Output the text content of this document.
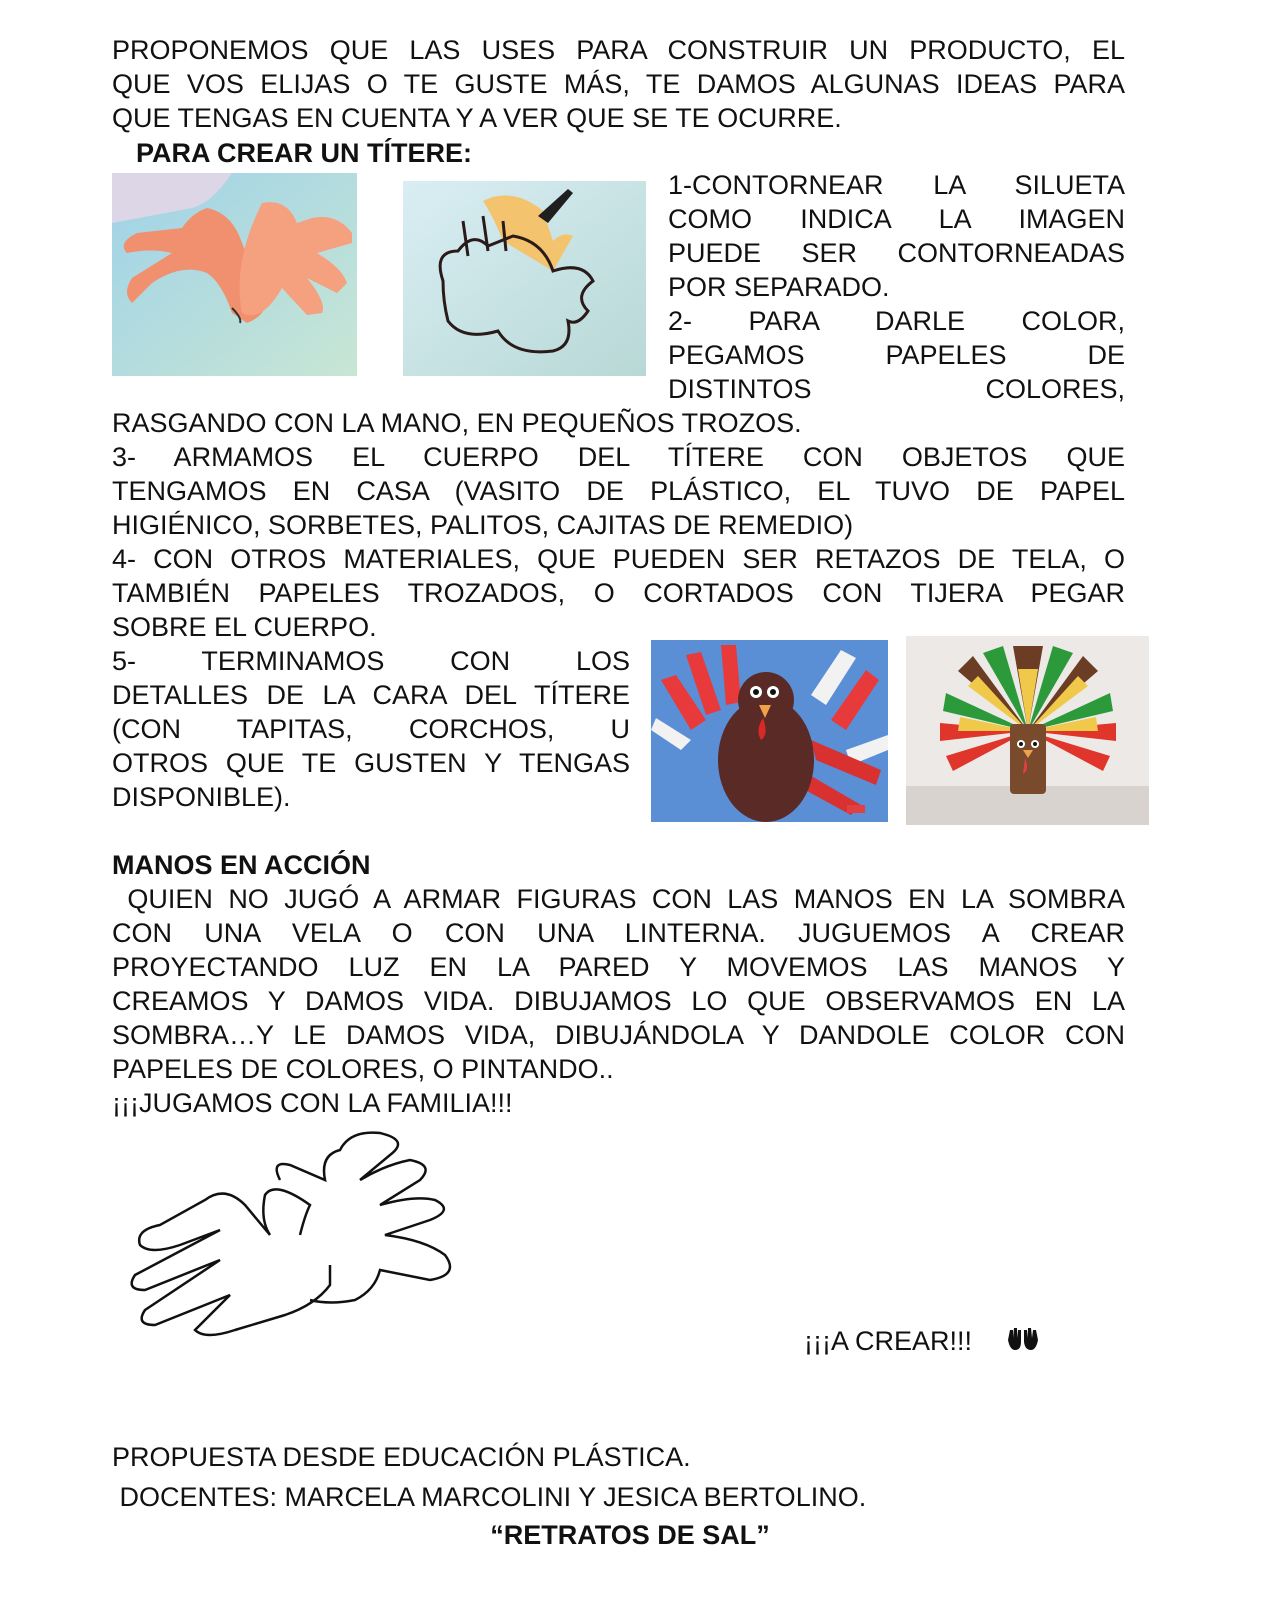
PROPONEMOS QUE LAS USES PARA CONSTRUIR UN PRODUCTO, EL

QUE VOS ELIJAS O TE GUSTE MÁS, TE DAMOS ALGUNAS IDEAS PARA

QUE TENGAS EN CUENTA Y A VER QUE SE TE OCURRE.

PARA CREAR UN TÍTERE:

1-CONTORNEAR LA SILUETA

COMO INDICA LA IMAGEN

PUEDE SER CONTORNEADAS

POR SEPARADO.

2- PARA DARLE COLOR,

PEGAMOS PAPELES DE

DISTINTOS COLORES,

RASGANDO CON LA MANO, EN PEQUEÑOS TROZOS.

3- ARMAMOS EL CUERPO DEL TÍTERE CON OBJETOS QUE

TENGAMOS EN CASA (VASITO DE PLÁSTICO, EL TUVO DE PAPEL

HIGIÉNICO, SORBETES, PALITOS, CAJITAS DE REMEDIO)

4- CON OTROS MATERIALES, QUE PUEDEN SER RETAZOS DE TELA, O

TAMBIÉN PAPELES TROZADOS, O CORTADOS CON TIJERA PEGAR

SOBRE EL CUERPO.

5- TERMINAMOS CON LOS

DETALLES DE LA CARA DEL TÍTERE

(CON TAPITAS, CORCHOS, U

OTROS QUE TE GUSTEN Y TENGAS

DISPONIBLE).

MANOS EN ACCIÓN

QUIEN NO JUGÓ A ARMAR FIGURAS CON LAS MANOS EN LA SOMBRA

CON UNA VELA O CON UNA LINTERNA. JUGUEMOS A CREAR

PROYECTANDO LUZ EN LA PARED Y MOVEMOS LAS MANOS Y

CREAMOS Y DAMOS VIDA. DIBUJAMOS LO QUE OBSERVAMOS EN LA

SOMBRA…Y LE DAMOS VIDA, DIBUJÁNDOLA Y DANDOLE COLOR CON

PAPELES DE COLORES, O PINTANDO..

¡¡¡JUGAMOS CON LA FAMILIA!!!

¡¡¡A CREAR!!!

PROPUESTA DESDE EDUCACIÓN PLÁSTICA.

DOCENTES: MARCELA MARCOLINI Y JESICA BERTOLINO.

“RETRATOS DE SAL”
